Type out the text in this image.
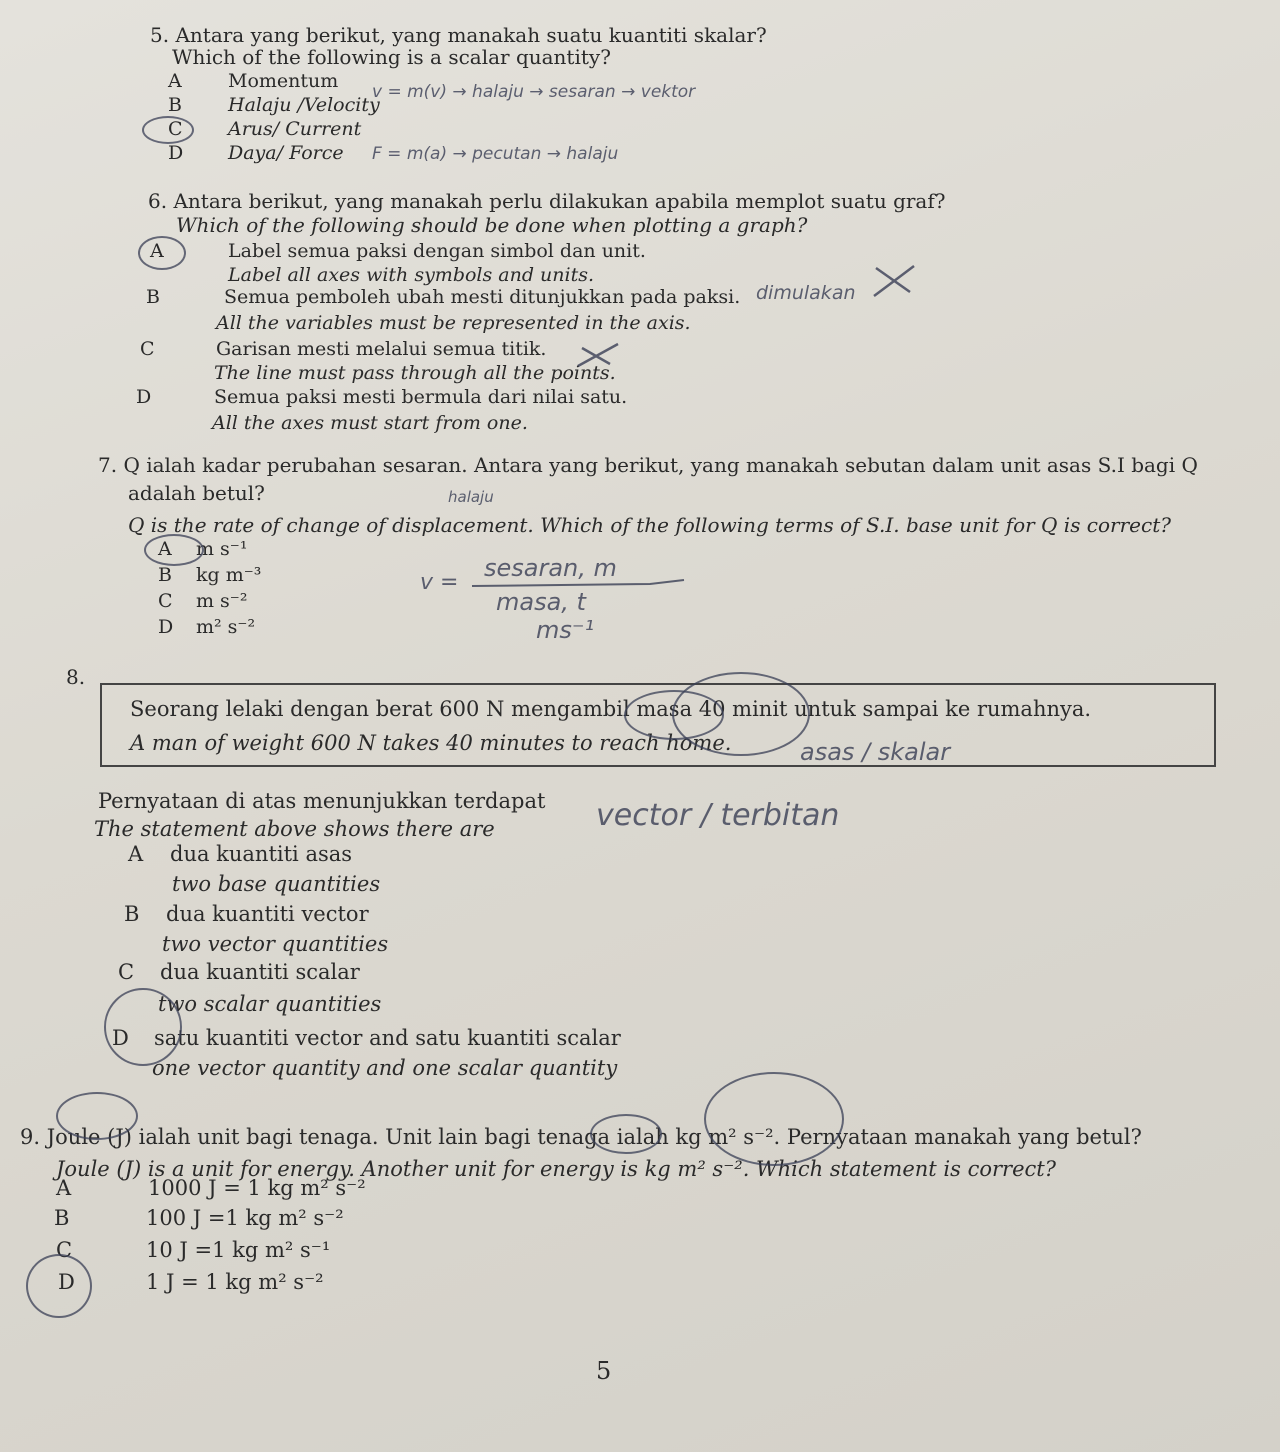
5. Antara yang berikut, yang manakah suatu kuantiti skalar?
Which of the following is a scalar quantity?
A Momentum
B Halaju /Velocity
C Arus/ Current
D Daya/ Force
v = m(v) → halaju → sesaran → vektor
F = m(a) → pecutan → halaju
6. Antara berikut, yang manakah perlu dilakukan apabila memplot suatu graf?
Which of the following should be done when plotting a graph?
A	Label semua paksi dengan simbol dan unit.
Label all axes with symbols and units.
B	Semua pemboleh ubah mesti ditunjukkan pada paksi.
All the variables must be represented in the axis.
dimulakan
C	Garisan mesti melalui semua titik.
The line must pass through all the points.
D	Semua paksi mesti bermula dari nilai satu.
All the axes must start from one.
7. Q ialah kadar perubahan sesaran. Antara yang berikut, yang manakah sebutan dalam unit asas S.I bagi Q
adalah betul?
Q is the rate of change of displacement. Which of the following terms of S.I. base unit for Q is correct?
A m s⁻¹
B kg m⁻³
C m s⁻²
D m² s⁻²
halaju
v =
sesaran, m
masa, t
ms⁻¹
8.
Seorang lelaki dengan berat 600 N mengambil masa 40 minit untuk sampai ke rumahnya.
A man of weight 600 N takes 40 minutes to reach home.	asas / skalar
Pernyataan di atas menunjukkan terdapat
The statement above shows there are	vector / terbitan
A dua kuantiti asas
two base quantities
B dua kuantiti vector
two vector quantities
C dua kuantiti scalar
two scalar quantities
D satu kuantiti vector and satu kuantiti scalar
one vector quantity and one scalar quantity
9. Joule (J) ialah unit bagi tenaga. Unit lain bagi tenaga ialah kg m² s⁻². Pernyataan manakah yang betul?
Joule (J) is a unit for energy. Another unit for energy is kg m² s⁻². Which statement is correct?
A	1000 J = 1 kg m² s⁻²
B	100 J =1 kg m² s⁻²
C	10 J =1 kg m² s⁻¹
D	1 J = 1 kg m² s⁻²
5
